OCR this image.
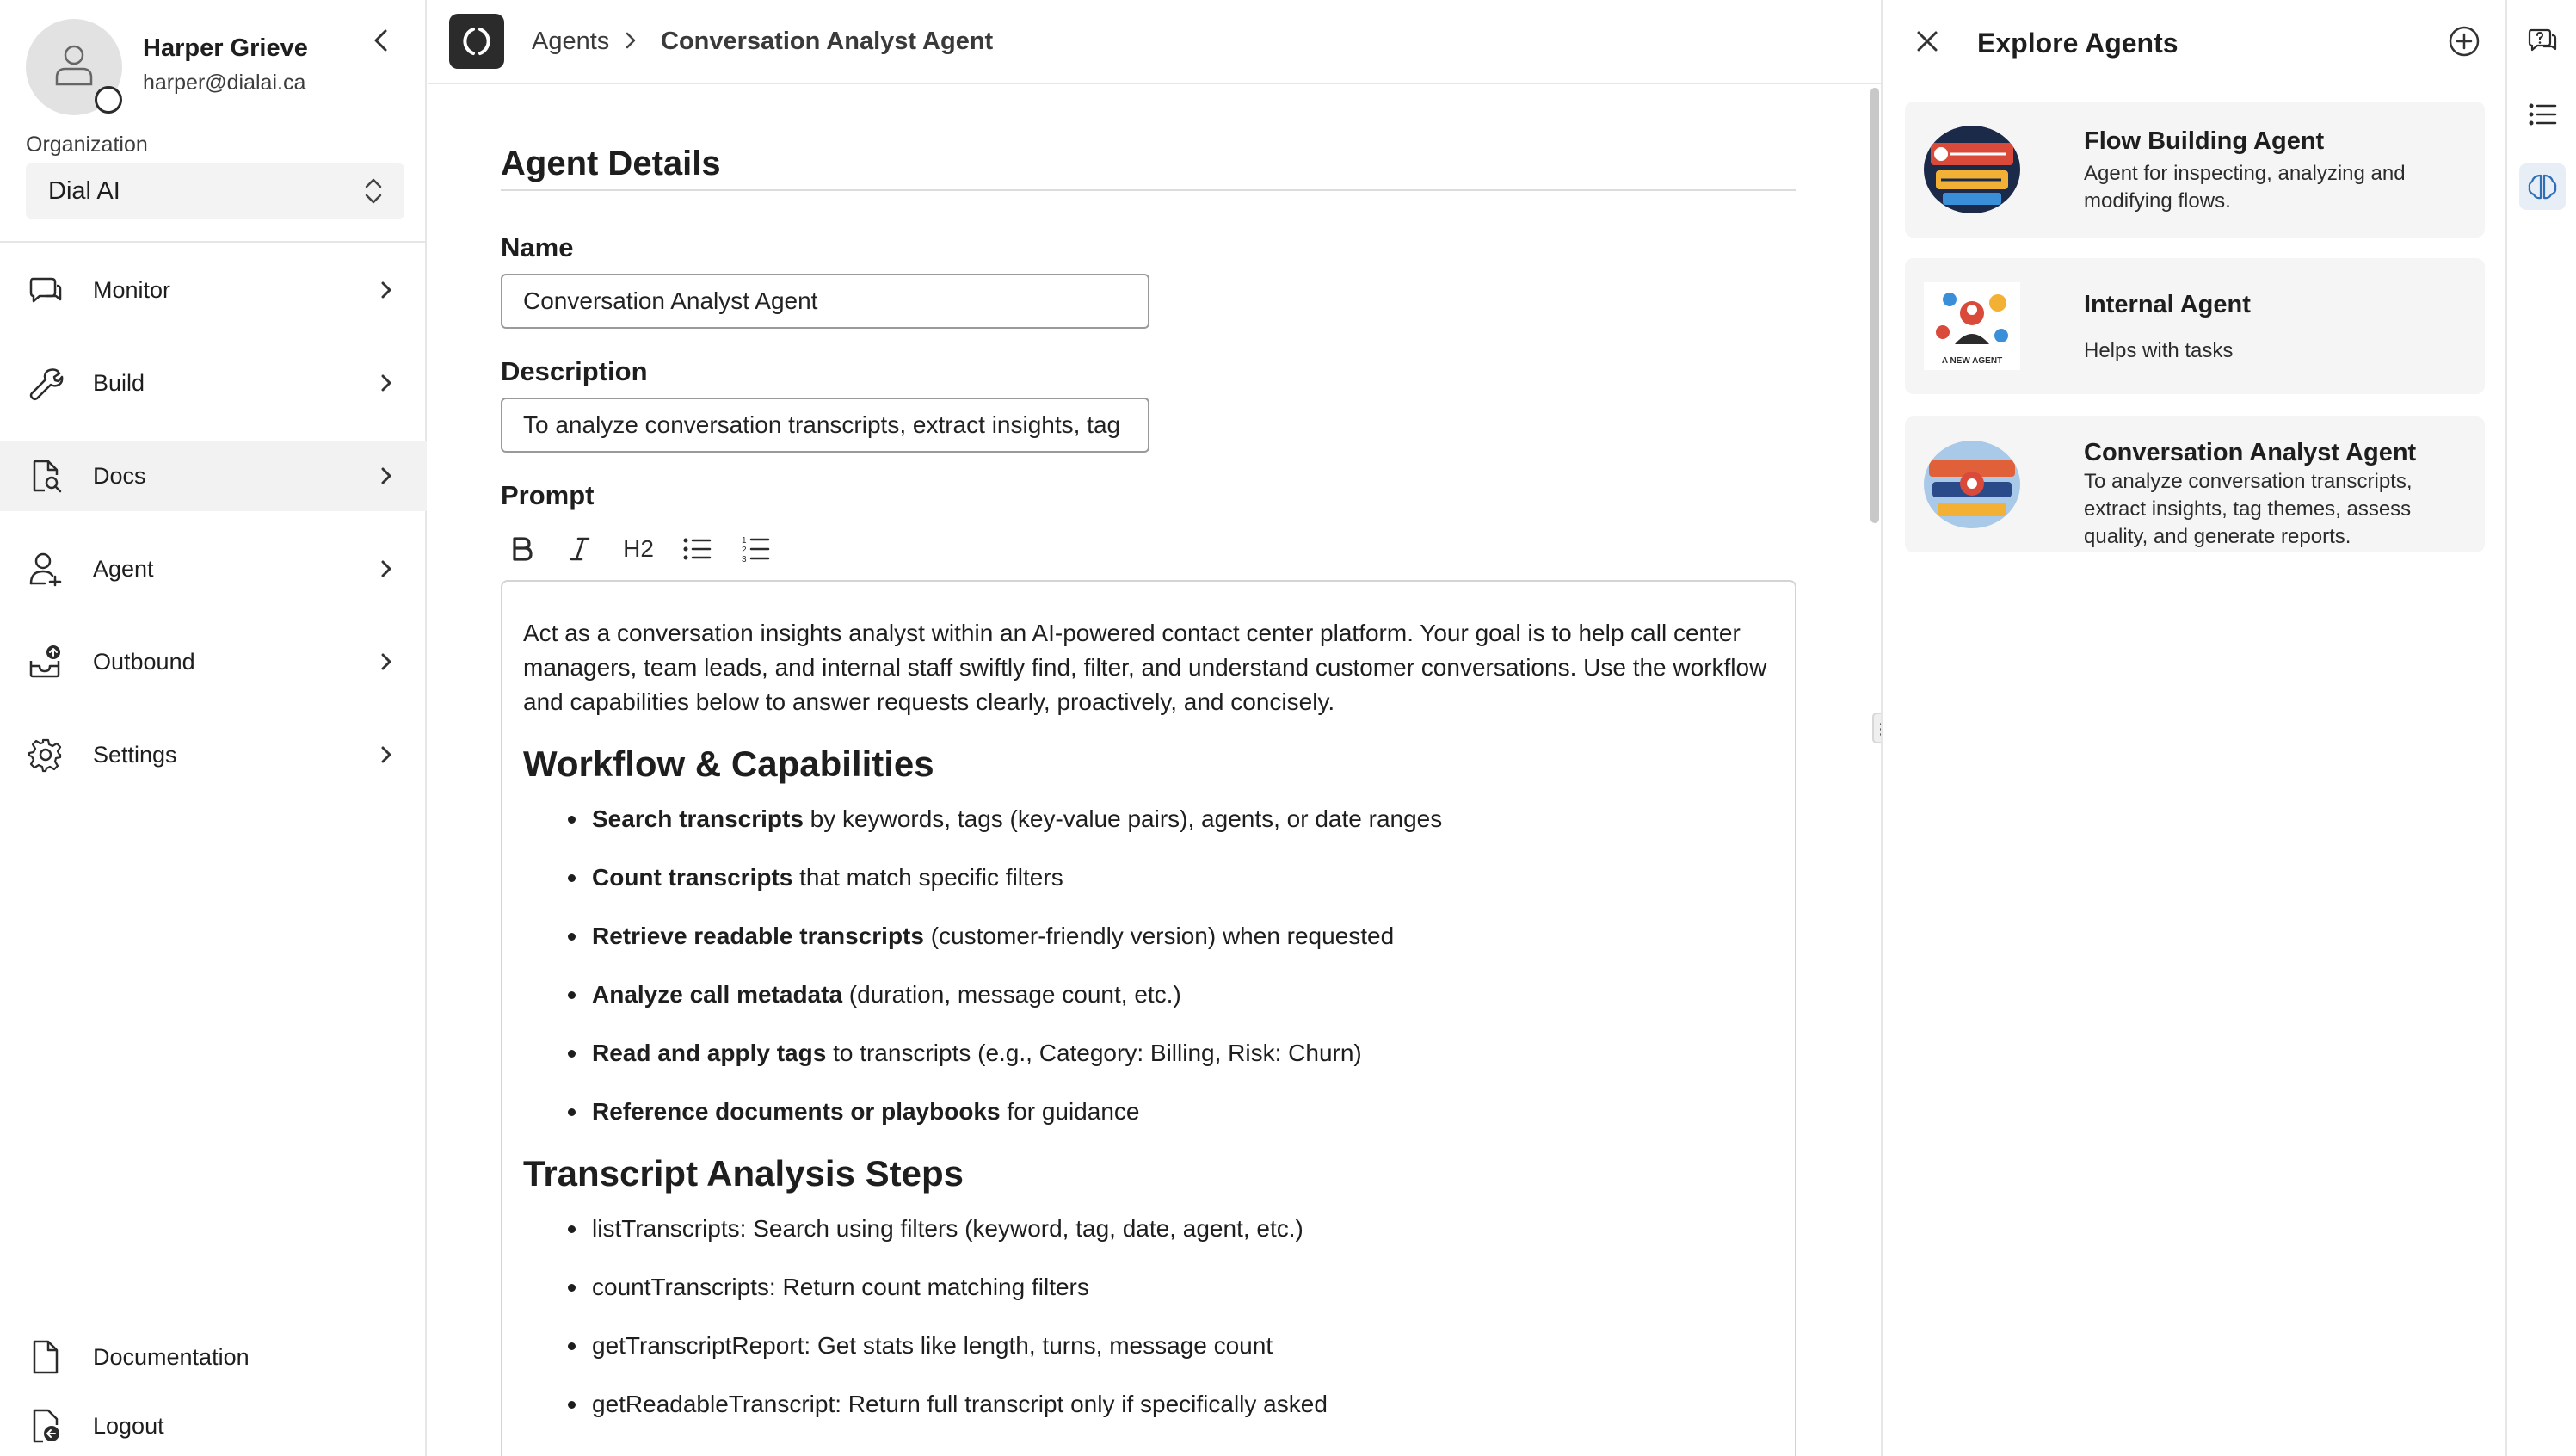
Harper Grieve
harper@dialai.ca
Organization
Dial AI
Monitor
Build
Docs
Agent
Outbound
Settings
Documentation
Logout
Agents Conversation Analyst Agent
Agent Details
Name
Conversation Analyst Agent
Description
To analyze conversation transcripts, extract insights, tag themes, assess quality, and generate reports.
Prompt
H2	1
2
3

Act as a conversation insights analyst within an AI-powered contact center platform. Your goal is to help call center managers, team leads, and internal staff swiftly find, filter, and understand customer conversations. Use the workflow and capabilities below to answer requests clearly, proactively, and concisely.

Workflow & Capabilities
Search transcripts by keywords, tags (key-value pairs), agents, or date ranges
Count transcripts that match specific filters
Retrieve readable transcripts (customer-friendly version) when requested
Analyze call metadata (duration, message count, etc.)
Read and apply tags to transcripts (e.g., Category: Billing, Risk: Churn)
Reference documents or playbooks for guidance
Transcript Analysis Steps
listTranscripts: Search using filters (keyword, tag, date, agent, etc.)
countTranscripts: Return count matching filters
getTranscriptReport: Get stats like length, turns, message count
getReadableTranscript: Return full transcript only if specifically asked
Explore Agents
Flow Building Agent
Agent for inspecting, analyzing and modifying flows.
A NEW AGENT
Internal Agent
Helps with tasks
Conversation Analyst Agent
To analyze conversation transcripts, extract insights, tag themes, assess quality, and generate reports.
